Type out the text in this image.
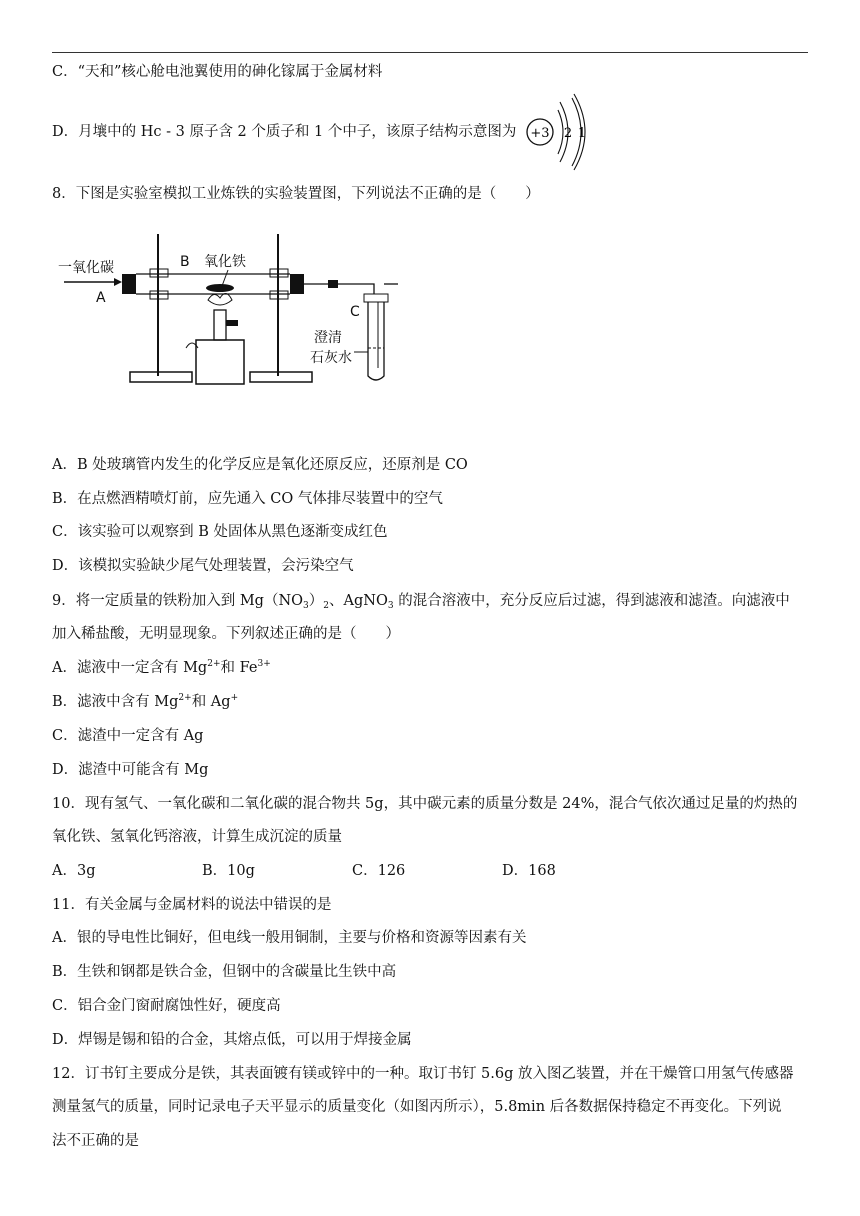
C．“天和”核心舱电池翼使用的砷化镓属于金属材料
D．月壤中的 Hc - 3 原子含 2 个质子和 1 个中子，该原子结构示意图为 +3 2 1
8．下图是实验室模拟工业炼铁的实验装置图，下列说法不正确的是（　　）
一氧化碳
A
B 氧化铁
C
澄清
石灰水
A．B 处玻璃管内发生的化学反应是氧化还原反应，还原剂是 CO
B．在点燃酒精喷灯前，应先通入 CO 气体排尽装置中的空气
C．该实验可以观察到 B 处固体从黑色逐渐变成红色
D．该模拟实验缺少尾气处理装置，会污染空气
9．将一定质量的铁粉加入到 $Mg(NO_3)_2$、AgNO$_3$ 的混合溶液中，充分反应后过滤，得到滤液和滤渣。向滤液中
加入稀盐酸，无明显现象。下列叙述正确的是（　　）
A．滤液中一定含有 $Mg^{2+}$和 $Fe^{3+}$
B．滤液中含有 $Mg^{2+}$和 Ag+
C．滤渣中一定含有 Ag
D．滤渣中可能含有 Mg
10．现有氢气、一氧化碳和二氧化碳的混合物共 5g，其中碳元素的质量分数是 24%，混合气依次通过足量的灼热的
氧化铁、氢氧化钙溶液，计算生成沉淀的质量
A．3g	B．10g	C．126	D．168
11．有关金属与金属材料的说法中错误的是
A．银的导电性比铜好，但电线一般用铜制，主要与价格和资源等因素有关
B．生铁和钢都是铁合金，但钢中的含碳量比生铁中高
C．铝合金门窗耐腐蚀性好，硬度高
D．焊锡是锡和铅的合金，其熔点低，可以用于焊接金属
12．订书钉主要成分是铁，其表面镀有镁或锌中的一种。取订书钉 5.6g 放入图乙装置，并在干燥管口用氢气传感器
测量氢气的质量，同时记录电子天平显示的质量变化（如图丙所示），5.8min 后各数据保持稳定不再变化。下列说
法不正确的是
